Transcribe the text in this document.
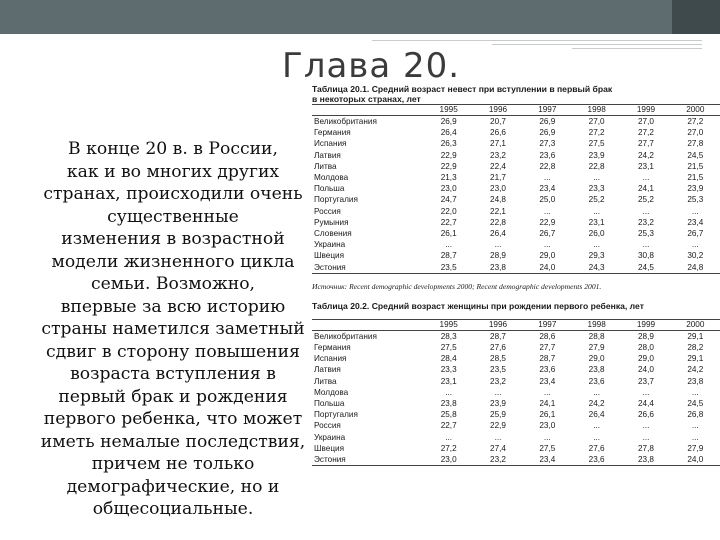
Глава 20.
В конце 20 в. в России,
как и во многих других
странах, происходили очень
существенные
изменения в возрастной
модели жизненного цикла
семьи. Возможно,
впервые за всю историю
страны наметился заметный
сдвиг в сторону повышения
возраста вступления в
первый брак и рождения
первого ребенка, что может
иметь немалые последствия,
причем не только
демографические, но и
общесоциальные.
Таблица 20.1. Средний возраст невест при вступлении в первый брак
в некоторых странах, лет
	1995	1996	1997	1998	1999	2000
Великобритания	26,9	20,7	26,9	27,0	27,0	27,2
Германия	26,4	26,6	26,9	27,2	27,2	27,0
Испания	26,3	27,1	27,3	27,5	27,7	27,8
Латвия	22,9	23,2	23,6	23,9	24,2	24,5
Литва	22,9	22,4	22,8	22,8	23,1	21,5
Молдова	21,3	21,7	...	...	...	21,5
Польша	23,0	23,0	23,4	23,3	24,1	23,9
Португалия	24,7	24,8	25,0	25,2	25,2	25,3
Россия	22,0	22,1	...	...	...	...
Румыния	22,7	22,8	22,9	23,1	23,2	23,4
Словения	26,1	26,4	26,7	26,0	25,3	26,7
Украина	...	...	...	...	...	...
Швеция	28,7	28,9	29,0	29,3	30,8	30,2
Эстония	23,5	23,8	24,0	24,3	24,5	24,8
Источник: Recent demographic developments 2000; Recent demographic developments 2001.
Таблица 20.2. Средний возраст женщины при рождении первого ребенка, лет
	1995	1996	1997	1998	1999	2000
Великобритания	28,3	28,7	28,6	28,8	28,9	29,1
Германия	27,5	27,6	27,7	27,9	28,0	28,2
Испания	28,4	28,5	28,7	29,0	29,0	29,1
Латвия	23,3	23,5	23,6	23,8	24,0	24,2
Литва	23,1	23,2	23,4	23,6	23,7	23,8
Молдова	...	...	...	...	...	...
Польша	23,8	23,9	24,1	24,2	24,4	24,5
Португалия	25,8	25,9	26,1	26,4	26,6	26,8
Россия	22,7	22,9	23,0	...	...	...
Украина	...	...	...	...	...	...
Швеция	27,2	27,4	27,5	27,6	27,8	27,9
Эстония	23,0	23,2	23,4	23,6	23,8	24,0
